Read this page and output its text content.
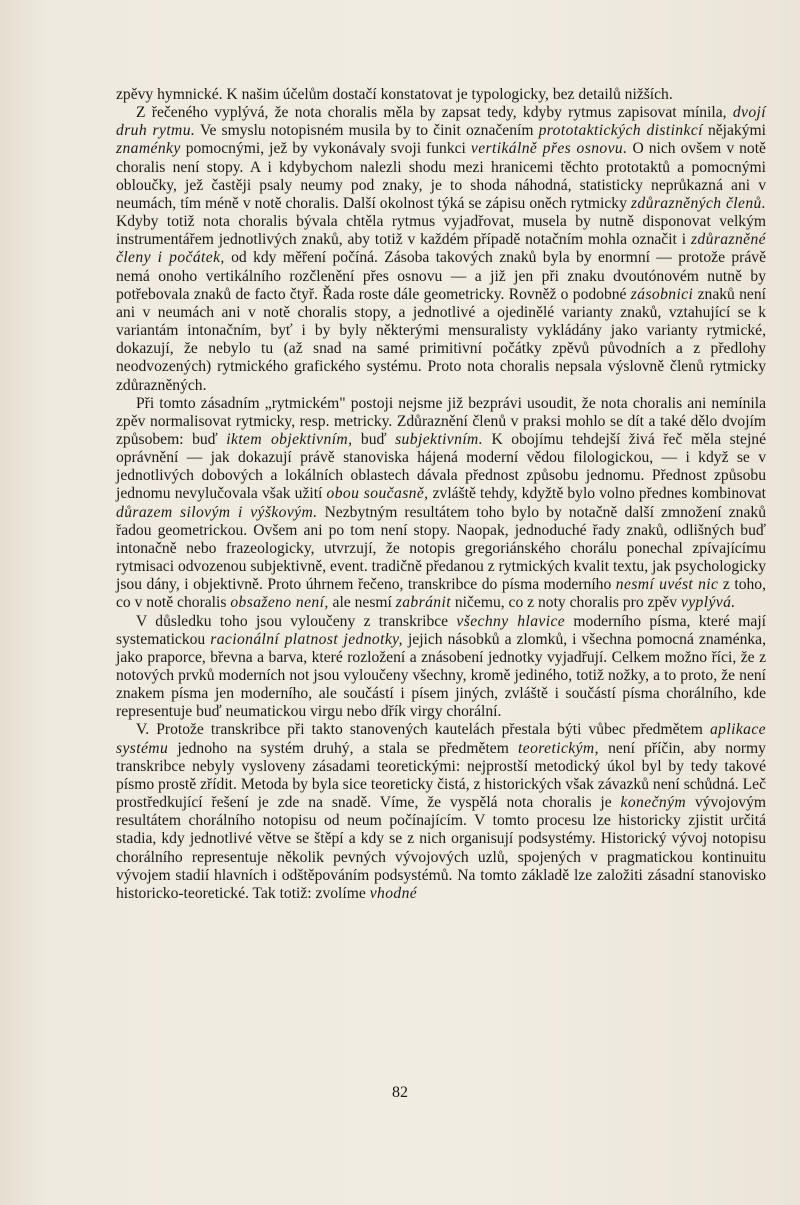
zpěvy hymnické. K našim účelům dostačí konstatovat je typologicky, bez detailů nižších.

Z řečeného vyplývá, že nota choralis měla by zapsat tedy, kdyby rytmus zapisovat mínila, dvojí druh rytmu. Ve smyslu notopisném musila by to činit označením prototaktických distinkcí nějakými znaménky pomocnými, jež by vykonávaly svoji funkci vertikálně přes osnovu. O nich ovšem v notě choralis není stopy. A i kdybychom nalezli shodu mezi hranicemi těchto prototaktů a pomocnými obloučky, jež častěji psaly neumy pod znaky, je to shoda náhodná, statisticky neprůkazná ani v neumách, tím méně v notě choralis. Další okolnost týká se zápisu oněch rytmicky zdůrazněných členů. Kdyby totiž nota choralis bývala chtěla rytmus vyjadřovat, musela by nutně disponovat velkým instrumentářem jednotlivých znaků, aby totiž v každém případě notačním mohla označit i zdůrazněné členy i počátek, od kdy měření počíná. Zásoba takových znaků byla by enormní — protože právě nemá onoho vertikálního rozčlenění přes osnovu — a již jen při znaku dvoutónovém nutně by potřebovala znaků de facto čtyř. Řada roste dále geometricky. Rovněž o podobné zásobnici znaků není ani v neumách ani v notě choralis stopy, a jednotlivé a ojedinělé varianty znaků, vztahující se k variantám intonačním, byť i by byly některými mensuralisty vykládány jako varianty rytmické, dokazují, že nebylo tu (až snad na samé primitivní počátky zpěvů původních a z předlohy neodvozených) rytmického grafického systému. Proto nota choralis nepsala výslovně členů rytmicky zdůrazněných.

Při tomto zásadním „rytmickém" postoji nejsme již bezprávi usoudit, že nota choralis ani nemínila zpěv normalisovat rytmicky, resp. metricky. Zdůraznění členů v praksi mohlo se dít a také dělo dvojím způsobem: buď iktem objektivním, buď subjektivním. K obojímu tehdejší živá řeč měla stejné oprávnění — jak dokazují právě stanoviska hájená moderní vědou filologickou, — i když se v jednotlivých dobových a lokálních oblastech dávala přednost způsobu jednomu. Přednost způsobu jednomu nevylučovala však užití obou současně, zvláště tehdy, kdyžtě bylo volno přednes kombinovat důrazem silovým i výškovým. Nezbytným resultátem toho bylo by notačně další zmnožení znaků řadou geometrickou. Ovšem ani po tom není stopy. Naopak, jednoduché řady znaků, odlišných buď intonačně nebo frazeologicky, utvrzují, že notopis gregoriánského chorálu ponechal zpívajícímu rytmisaci odvozenou subjektivně, event. tradičně předanou z rytmických kvalit textu, jak psychologicky jsou dány, i objektivně. Proto úhrnem řečeno, transkribce do písma moderního nesmí uvést nic z toho, co v notě choralis obsaženo není, ale nesmí zabránit ničemu, co z noty choralis pro zpěv vyplývá.

V důsledku toho jsou vyloučeny z transkribce všechny hlavice moderního písma, které mají systematickou racionální platnost jednotky, jejich násobků a zlomků, i všechna pomocná znaménka, jako praporce, břevna a barva, které rozložení a znásobení jednotky vyjadřují. Celkem možno říci, že z notových prvků moderních not jsou vyloučeny všechny, kromě jediného, totiž nožky, a to proto, že není znakem písma jen moderního, ale součástí i písem jiných, zvláště i součástí písma chorálního, kde representuje buď neumatickou virgu nebo dřík virgy chorální.

V. Protože transkribce při takto stanovených kautelách přestala býti vůbec předmětem aplikace systému jednoho na systém druhý, a stala se předmětem teoretickým, není příčin, aby normy transkribce nebyly vysloveny zásadami teoretickými: nejprostší metodický úkol byl by tedy takové písmo prostě zřídit. Metoda by byla sice teoreticky čistá, z historických však závazků není schůdná. Leč prostředkující řešení je zde na snadě. Víme, že vyspělá nota choralis je konečným vývojovým resultátem chorálního notopisu od neum počínajícím. V tomto procesu lze historicky zjistit určitá stadia, kdy jednotlivé větve se štěpí a kdy se z nich organisují podsystémy. Historický vývoj notopisu chorálního representuje několik pevných vývojových uzlů, spojených v pragmatickou kontinuitu vývojem stadií hlavních i odštěpováním podsystémů. Na tomto základě lze založiti zásadní stanovisko historicko-teoretické. Tak totiž: zvolíme vhodné

82
